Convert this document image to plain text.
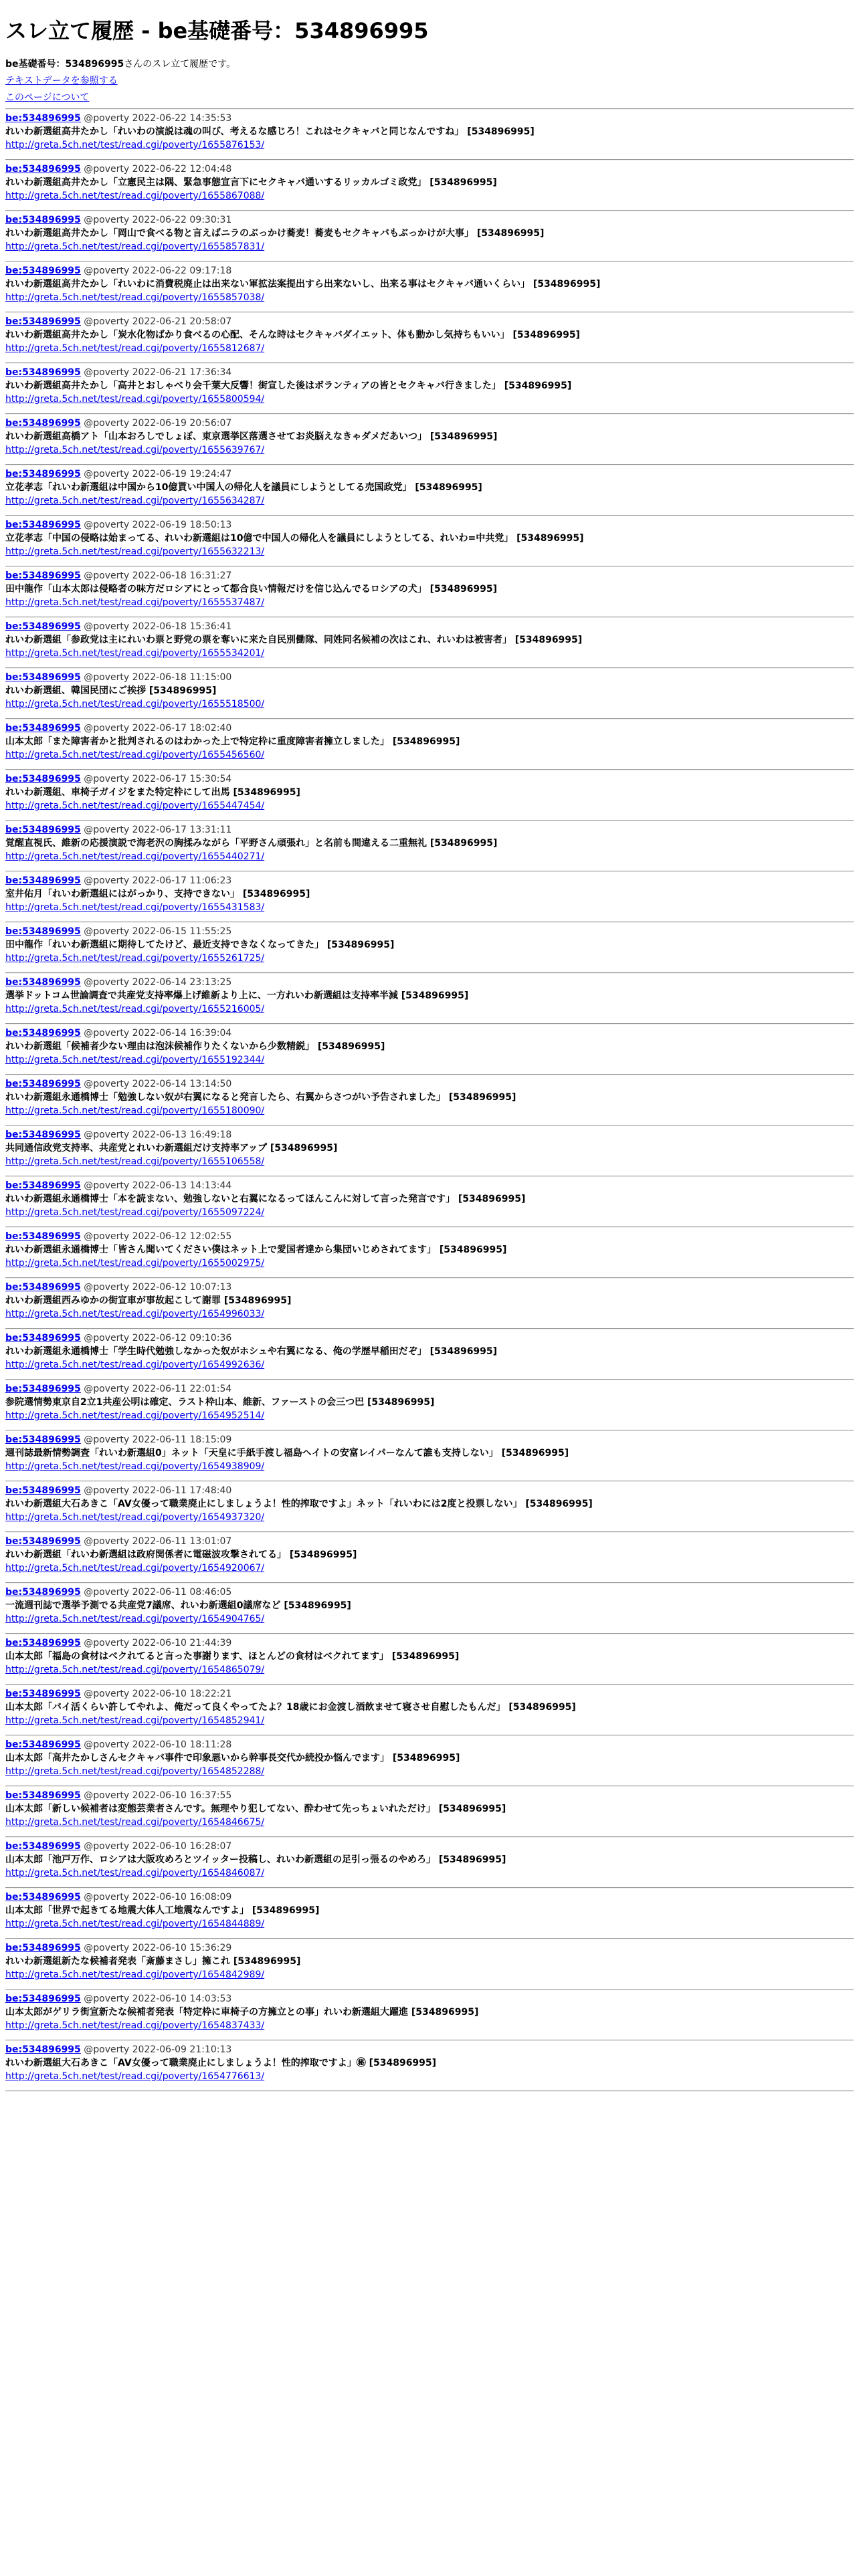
スレ立て履歴 - be基礎番号：534896995
be基礎番号：534896995さんのスレ立て履歴です。
テキストデータを参照する
このページについて
be:534896995 @poverty 2022-06-22 14:35:53
れいわ新選組高井たかし「れいわの演説は魂の叫び、考えるな感じろ！これはセクキャバと同じなんですね」 [534896995]
http://greta.5ch.net/test/read.cgi/poverty/1655876153/
be:534896995 @poverty 2022-06-22 12:04:48
れいわ新選組高井たかし「立憲民主は隅、緊急事態宣言下にセクキャバ通いするリッカルゴミ政党」 [534896995]
http://greta.5ch.net/test/read.cgi/poverty/1655867088/
be:534896995 @poverty 2022-06-22 09:30:31
れいわ新選組高井たかし「岡山で食べる物と言えばニラのぶっかけ蕎麦！蕎麦もセクキャバもぶっかけが大事」 [534896995]
http://greta.5ch.net/test/read.cgi/poverty/1655857831/
be:534896995 @poverty 2022-06-22 09:17:18
れいわ新選組高井たかし「れいわに消費税廃止は出来ない軍拡法案提出すら出来ないし、出来る事はセクキャバ通いくらい」 [534896995]
http://greta.5ch.net/test/read.cgi/poverty/1655857038/
be:534896995 @poverty 2022-06-21 20:58:07
れいわ新選組高井たかし「炭水化物ばかり食べるの心配、そんな時はセクキャバダイエット、体も動かし気持ちもいい」 [534896995]
http://greta.5ch.net/test/read.cgi/poverty/1655812687/
be:534896995 @poverty 2022-06-21 17:36:34
れいわ新選組高井たかし「高井とおしゃべり会千葉大反響！街宣した後はボランティアの皆とセクキャバ行きました」 [534896995]
http://greta.5ch.net/test/read.cgi/poverty/1655800594/
be:534896995 @poverty 2022-06-19 20:56:07
れいわ新選組高橋アト「山本おろしでしょぼ、東京選挙区落選させてお炎脳えなきゃダメだあいつ」 [534896995]
http://greta.5ch.net/test/read.cgi/poverty/1655639767/
be:534896995 @poverty 2022-06-19 19:24:47
立花孝志「れいわ新選組は中国から10億貰い中国人の帰化人を議員にしようとしてる売国政党」 [534896995]
http://greta.5ch.net/test/read.cgi/poverty/1655634287/
be:534896995 @poverty 2022-06-19 18:50:13
立花孝志「中国の侵略は始まってる、れいわ新選組は10億で中国人の帰化人を議員にしようとしてる、れいわ=中共党」 [534896995]
http://greta.5ch.net/test/read.cgi/poverty/1655632213/
be:534896995 @poverty 2022-06-18 16:31:27
田中龍作「山本太郎は侵略者の味方だロシアにとって都合良い情報だけを信じ込んでるロシアの犬」 [534896995]
http://greta.5ch.net/test/read.cgi/poverty/1655537487/
be:534896995 @poverty 2022-06-18 15:36:41
れいわ新選組「参政党は主にれいわ票と野党の票を奪いに来た自民別働隊、同姓同名候補の次はこれ、れいわは被害者」 [534896995]
http://greta.5ch.net/test/read.cgi/poverty/1655534201/
be:534896995 @poverty 2022-06-18 11:15:00
れいわ新選組、韓国民団にご挨拶 [534896995]
http://greta.5ch.net/test/read.cgi/poverty/1655518500/
be:534896995 @poverty 2022-06-17 18:02:40
山本太郎「また障害者かと批判されるのはわかった上で特定枠に重度障害者擁立しました」 [534896995]
http://greta.5ch.net/test/read.cgi/poverty/1655456560/
be:534896995 @poverty 2022-06-17 15:30:54
れいわ新選組、車椅子ガイジをまた特定枠にして出馬 [534896995]
http://greta.5ch.net/test/read.cgi/poverty/1655447454/
be:534896995 @poverty 2022-06-17 13:31:11
覚醒直視氏、維新の応援演説で海老沢の胸揉みながら「平野さん頑張れ」と名前も間違える二重無礼 [534896995]
http://greta.5ch.net/test/read.cgi/poverty/1655440271/
be:534896995 @poverty 2022-06-17 11:06:23
室井佑月「れいわ新選組にはがっかり、支持できない」 [534896995]
http://greta.5ch.net/test/read.cgi/poverty/1655431583/
be:534896995 @poverty 2022-06-15 11:55:25
田中龍作「れいわ新選組に期待してたけど、最近支持できなくなってきた」 [534896995]
http://greta.5ch.net/test/read.cgi/poverty/1655261725/
be:534896995 @poverty 2022-06-14 23:13:25
選挙ドットコム世論調査で共産党支持率爆上げ維新より上に、一方れいわ新選組は支持率半減 [534896995]
http://greta.5ch.net/test/read.cgi/poverty/1655216005/
be:534896995 @poverty 2022-06-14 16:39:04
れいわ新選組「候補者少ない理由は泡沫候補作りたくないから少数精鋭」 [534896995]
http://greta.5ch.net/test/read.cgi/poverty/1655192344/
be:534896995 @poverty 2022-06-14 13:14:50
れいわ新選組永通橋博士「勉強しない奴が右翼になると発言したら、右翼からさつがい予告されました」 [534896995]
http://greta.5ch.net/test/read.cgi/poverty/1655180090/
be:534896995 @poverty 2022-06-13 16:49:18
共同通信政党支持率、共産党とれいわ新選組だけ支持率アップ [534896995]
http://greta.5ch.net/test/read.cgi/poverty/1655106558/
be:534896995 @poverty 2022-06-13 14:13:44
れいわ新選組永通橋博士「本を読まない、勉強しないと右翼になるってほんこんに対して言った発言です」 [534896995]
http://greta.5ch.net/test/read.cgi/poverty/1655097224/
be:534896995 @poverty 2022-06-12 12:02:55
れいわ新選組永通橋博士「皆さん聞いてください僕はネット上で愛国者達から集団いじめされてます」 [534896995]
http://greta.5ch.net/test/read.cgi/poverty/1655002975/
be:534896995 @poverty 2022-06-12 10:07:13
れいわ新選組西みゆかの街宣車が事故起こして謝罪 [534896995]
http://greta.5ch.net/test/read.cgi/poverty/1654996033/
be:534896995 @poverty 2022-06-12 09:10:36
れいわ新選組永通橋博士「学生時代勉強しなかった奴がホシュや右翼になる、俺の学歴早稲田だぞ」 [534896995]
http://greta.5ch.net/test/read.cgi/poverty/1654992636/
be:534896995 @poverty 2022-06-11 22:01:54
参院選情勢東京自2立1共産公明は確定、ラスト枠山本、維新、ファーストの会三つ巴 [534896995]
http://greta.5ch.net/test/read.cgi/poverty/1654952514/
be:534896995 @poverty 2022-06-11 18:15:09
週刊誌最新情勢調査「れいわ新選組0」ネット「天皇に手紙手渡し福島ヘイトの安富レイパーなんて誰も支持しない」 [534896995]
http://greta.5ch.net/test/read.cgi/poverty/1654938909/
be:534896995 @poverty 2022-06-11 17:48:40
れいわ新選組大石あきこ「AV女優って職業廃止にしましょうよ！性的搾取ですよ」ネット「れいわには2度と投票しない」 [534896995]
http://greta.5ch.net/test/read.cgi/poverty/1654937320/
be:534896995 @poverty 2022-06-11 13:01:07
れいわ新選組「れいわ新選組は政府関係者に電磁波攻撃されてる」 [534896995]
http://greta.5ch.net/test/read.cgi/poverty/1654920067/
be:534896995 @poverty 2022-06-11 08:46:05
一流週刊誌で選挙予測でる共産党7議席、れいわ新選組0議席など [534896995]
http://greta.5ch.net/test/read.cgi/poverty/1654904765/
be:534896995 @poverty 2022-06-10 21:44:39
山本太郎「福島の食材はベクれてると言った事謝ります、ほとんどの食材はベクれてます」 [534896995]
http://greta.5ch.net/test/read.cgi/poverty/1654865079/
be:534896995 @poverty 2022-06-10 18:22:21
山本太郎「バイ活くらい許してやれよ、俺だって良くやってたよ？18歳にお金渡し酒飲ませて寝させ自慰したもんだ」 [534896995]
http://greta.5ch.net/test/read.cgi/poverty/1654852941/
be:534896995 @poverty 2022-06-10 18:11:28
山本太郎「高井たかしさんセクキャバ事件で印象悪いから幹事長交代か続投か悩んでます」 [534896995]
http://greta.5ch.net/test/read.cgi/poverty/1654852288/
be:534896995 @poverty 2022-06-10 16:37:55
山本太郎「新しい候補者は変態芸業者さんです。無理やり犯してない、酔わせて先っちょいれただけ」 [534896995]
http://greta.5ch.net/test/read.cgi/poverty/1654846675/
be:534896995 @poverty 2022-06-10 16:28:07
山本太郎「池戸万作、ロシアは大阪攻めろとツイッター投稿し、れいわ新選組の足引っ張るのやめろ」 [534896995]
http://greta.5ch.net/test/read.cgi/poverty/1654846087/
be:534896995 @poverty 2022-06-10 16:08:09
山本太郎「世界で起きてる地震大体人工地震なんですよ」 [534896995]
http://greta.5ch.net/test/read.cgi/poverty/1654844889/
be:534896995 @poverty 2022-06-10 15:36:29
れいわ新選組新たな候補者発表「斎藤まさし」擁これ [534896995]
http://greta.5ch.net/test/read.cgi/poverty/1654842989/
be:534896995 @poverty 2022-06-10 14:03:53
山本太郎がゲリラ街宣新たな候補者発表「特定枠に車椅子の方擁立との事」れいわ新選組大躍進 [534896995]
http://greta.5ch.net/test/read.cgi/poverty/1654837433/
be:534896995 @poverty 2022-06-09 21:10:13
れいわ新選組大石あきこ「AV女優って職業廃止にしましょうよ！性的搾取ですよ」㊙ [534896995]
http://greta.5ch.net/test/read.cgi/poverty/1654776613/
